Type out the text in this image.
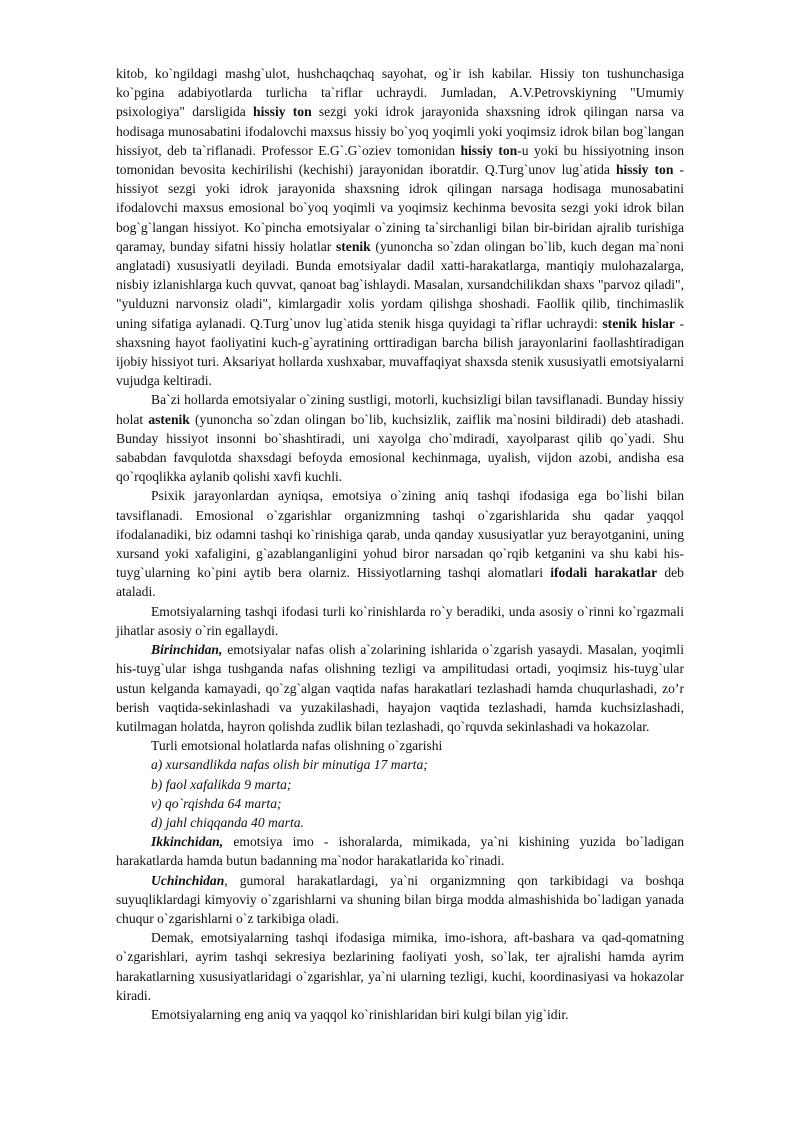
kitob, ko`ngildagi mashg`ulot, hushchaqchaq sayohat, og`ir ish kabilar. Hissiy ton tushunchasiga ko`pgina adabiyotlarda turlicha ta`riflar uchraydi. Jumladan, A.V.Petrovskiyning "Umumiy psixologiya" darsligida hissiy ton sezgi yoki idrok jarayonida shaxsning idrok qilingan narsa va hodisaga munosabatini ifodalovchi maxsus hissiy bo`yoq yoqimli yoki yoqimsiz idrok bilan bog`langan hissiyot, deb ta`riflanadi. Professor E.G`.G`oziev tomonidan hissiy ton-u yoki bu hissiyotning inson tomonidan bevosita kechirilishi (kechishi) jarayonidan iboratdir. Q.Turg`unov lug`atida hissiy ton - hissiyot sezgi yoki idrok jarayonida shaxsning idrok qilingan narsaga hodisaga munosabatini ifodalovchi maxsus emosional bo`yoq yoqimli va yoqimsiz kechinma bevosita sezgi yoki idrok bilan bog`g`langan hissiyot. Ko`pincha emotsiyalar o`zining ta`sirchanligi bilan bir-biridan ajralib turishiga qaramay, bunday sifatni hissiy holatlar stenik (yunoncha so`zdan olingan bo`lib, kuch degan ma`noni anglatadi) xususiyatli deyiladi. Bunda emotsiyalar dadil xatti-harakatlarga, mantiqiy mulohazalarga, nisbiy izlanishlarga kuch quvvat, qanoat bag`ishlaydi. Masalan, xursandchilikdan shaxs "parvoz qiladi", "yulduzni narvonsiz oladi", kimlargadir xolis yordam qilishga shoshadi. Faollik qilib, tinchimaslik uning sifatiga aylanadi. Q.Turg`unov lug`atida stenik hisga quyidagi ta`riflar uchraydi: stenik hislar - shaxsning hayot faoliyatini kuch-g`ayratining orttiradigan barcha bilish jarayonlarini faollashtiradigan ijobiy hissiyot turi. Aksariyat hollarda xushxabar, muvaffaqiyat shaxsda stenik xususiyatli emotsiyalarni vujudga keltiradi.

Ba`zi hollarda emotsiyalar o`zining sustligi, motorli, kuchsizligi bilan tavsiflanadi. Bunday hissiy holat astenik (yunoncha so`zdan olingan bo`lib, kuchsizlik, zaiflik ma`nosini bildiradi) deb atashadi. Bunday hissiyot insonni bo`shashtiradi, uni xayolga cho`mdiradi, xayolparast qilib qo`yadi. Shu sababdan favqulotda shaxsdagi befoyda emosional kechinmaga, uyalish, vijdon azobi, andisha esa qo`rqoqlikka aylanib qolishi xavfi kuchli.

Psixik jarayonlardan ayniqsa, emotsiya o`zining aniq tashqi ifodasiga ega bo`lishi bilan tavsiflanadi. Emosional o`zgarishlar organizmning tashqi o`zgarishlarida shu qadar yaqqol ifodalanadiki, biz odamni tashqi ko`rinishiga qarab, unda qanday xususiyatlar yuz berayotganini, uning xursand yoki xafaligini, g`azablanganligini yohud biror narsadan qo`rqib ketganini va shu kabi his-tuyg`ularning ko`pini aytib bera olarniz. Hissiyotlarning tashqi alomatlari ifodali harakatlar deb ataladi.

Emotsiyalarning tashqi ifodasi turli ko`rinishlarda ro`y beradiki, unda asosiy o`rinni ko`rgazmali jihatlar asosiy o`rin egallaydi.

Birinchidan, emotsiyalar nafas olish a`zolarining ishlarida o`zgarish yasaydi. Masalan, yoqimli his-tuyg`ular ishga tushganda nafas olishning tezligi va ampilitudasi ortadi, yoqimsiz his-tuyg`ular ustun kelganda kamayadi, qo`zg`algan vaqtida nafas harakatlari tezlashadi hamda chuqurlashadi, zo’r berish vaqtida-sekinlashadi va yuzakilashadi, hayajon vaqtida tezlashadi, hamda kuchsizlashadi, kutilmagan holatda, hayron qolishda zudlik bilan tezlashadi, qo`rquvda sekinlashadi va hokazolar.

Turli emotsional holatlarda nafas olishning o`zgarishi

a) xursandlikda nafas olish bir minutiga 17 marta;

b) faol xafalikda 9 marta;

v) qo`rqishda 64 marta;

d) jahl chiqqanda 40 marta.

Ikkinchidan, emotsiya imo - ishoralarda, mimikada, ya`ni kishining yuzida bo`ladigan harakatlarda hamda butun badanning ma`nodor harakatlarida ko`rinadi.

Uchinchidan, gumoral harakatlardagi, ya`ni organizmning qon tarkibidagi va boshqa suyuqliklardagi kimyoviy o`zgarishlarni va shuning bilan birga modda almashishida bo`ladigan yanada chuqur o`zgarishlarni o`z tarkibiga oladi.

Demak, emotsiyalarning tashqi ifodasiga mimika, imo-ishora, aft-bashara va qad-qomatning o`zgarishlari, ayrim tashqi sekresiya bezlarining faoliyati yosh, so`lak, ter ajralishi hamda ayrim harakatlarning xususiyatlaridagi o`zgarishlar, ya`ni ularning tezligi, kuchi, koordinasiyasi va hokazolar kiradi.

Emotsiyalarning eng aniq va yaqqol ko`rinishlaridan biri kulgi bilan yig`idir.
